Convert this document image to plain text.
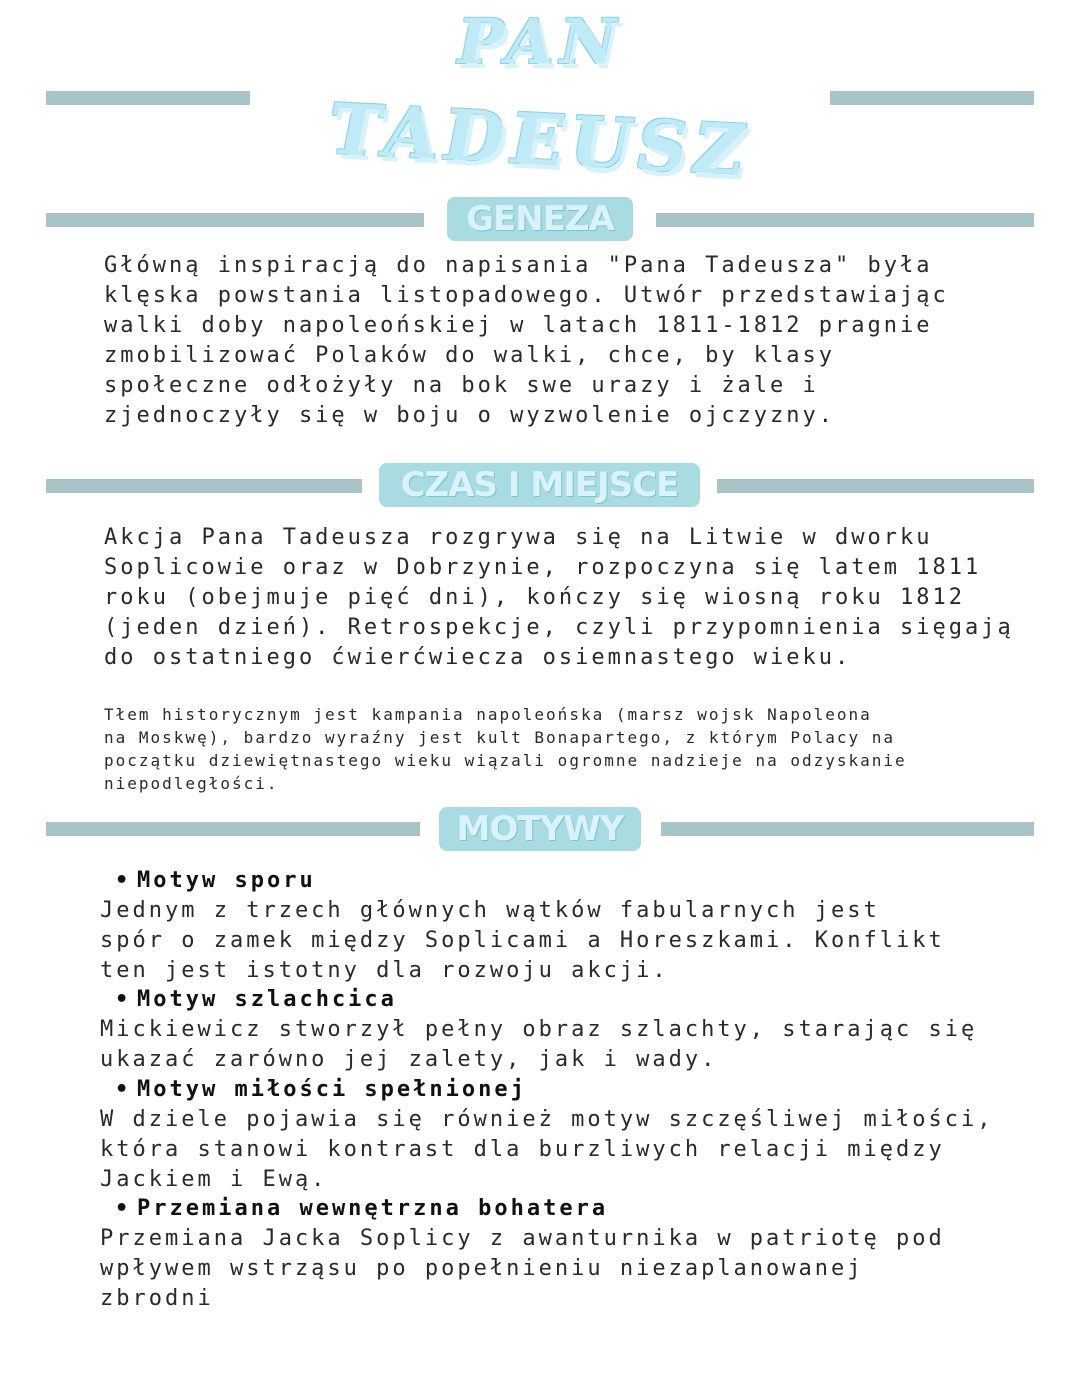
PAN
TADEUSZ
GENEZA

Główną inspiracją do napisania "Pana Tadeusza" była
klęska powstania listopadowego. Utwór przedstawiając
walki doby napoleońskiej w latach 1811-1812 pragnie
zmobilizować Polaków do walki, chce, by klasy
społeczne odłożyły na bok swe urazy i żale i
zjednoczyły się w boju o wyzwolenie ojczyzny.

CZAS I MIEJSCE

Akcja Pana Tadeusza rozgrywa się na Litwie w dworku
Soplicowie oraz w Dobrzynie, rozpoczyna się latem 1811
roku (obejmuje pięć dni), kończy się wiosną roku 1812
(jeden dzień). Retrospekcje, czyli przypomnienia sięgają
do ostatniego ćwierćwiecza osiemnastego wieku.

Tłem historycznym jest kampania napoleońska (marsz wojsk Napoleona
na Moskwę), bardzo wyraźny jest kult Bonapartego, z którym Polacy na
początku dziewiętnastego wieku wiązali ogromne nadzieje na odzyskanie
niepodległości.

MOTYWY
• Motyw sporu

Jednym z trzech głównych wątków fabularnych jest
spór o zamek między Soplicami a Horeszkami. Konflikt
ten jest istotny dla rozwoju akcji.

• Motyw szlachcica

Mickiewicz stworzył pełny obraz szlachty, starając się
ukazać zarówno jej zalety, jak i wady.

• Motyw miłości spełnionej

W dziele pojawia się również motyw szczęśliwej miłości,
która stanowi kontrast dla burzliwych relacji między
Jackiem i Ewą.

• Przemiana wewnętrzna bohatera

Przemiana Jacka Soplicy z awanturnika w patriotę pod
wpływem wstrząsu po popełnieniu niezaplanowanej
zbrodni
